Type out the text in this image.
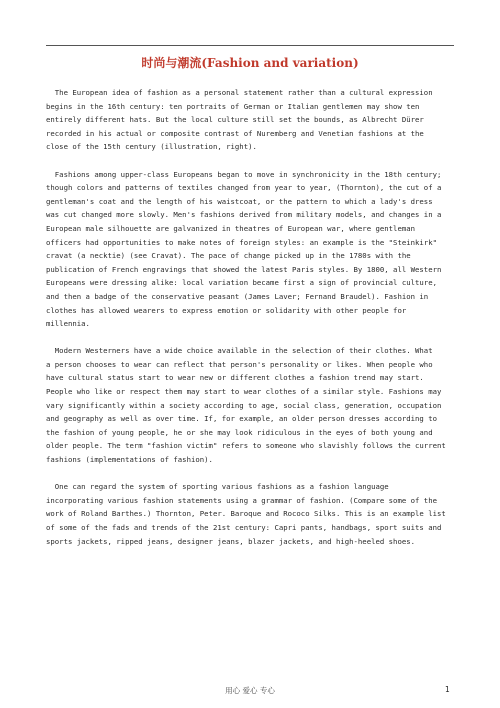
时尚与潮流(Fashion and variation)
The European idea of fashion as a personal statement rather than a cultural expression
begins in the 16th century: ten portraits of German or Italian gentlemen may show ten
entirely different hats. But the local culture still set the bounds, as Albrecht Dürer
recorded in his actual or composite contrast of Nuremberg and Venetian fashions at the
close of the 15th century (illustration, right).
Fashions among upper-class Europeans began to move in synchronicity in the 18th century;
though colors and patterns of textiles changed from year to year, (Thornton), the cut of a
gentleman's coat and the length of his waistcoat, or the pattern to which a lady's dress
was cut changed more slowly. Men's fashions derived from military models, and changes in a
European male silhouette are galvanized in theatres of European war, where gentleman
officers had opportunities to make notes of foreign styles: an example is the "Steinkirk"
cravat (a necktie) (see Cravat). The pace of change picked up in the 1780s with the
publication of French engravings that showed the latest Paris styles. By 1800, all Western
Europeans were dressing alike: local variation became first a sign of provincial culture,
and then a badge of the conservative peasant (James Laver; Fernand Braudel). Fashion in
clothes has allowed wearers to express emotion or solidarity with other people for
millennia.
Modern Westerners have a wide choice available in the selection of their clothes. What
a person chooses to wear can reflect that person's personality or likes. When people who
have cultural status start to wear new or different clothes a fashion trend may start.
People who like or respect them may start to wear clothes of a similar style. Fashions may
vary significantly within a society according to age, social class, generation, occupation
and geography as well as over time. If, for example, an older person dresses according to
the fashion of young people, he or she may look ridiculous in the eyes of both young and
older people. The term "fashion victim" refers to someone who slavishly follows the current
fashions (implementations of fashion).
One can regard the system of sporting various fashions as a fashion language
incorporating various fashion statements using a grammar of fashion. (Compare some of the
work of Roland Barthes.) Thornton, Peter. Baroque and Rococo Silks. This is an example list
of some of the fads and trends of the 21st century: Capri pants, handbags, sport suits and
sports jackets, ripped jeans, designer jeans, blazer jackets, and high-heeled shoes.
用心 爱心 专心	1
